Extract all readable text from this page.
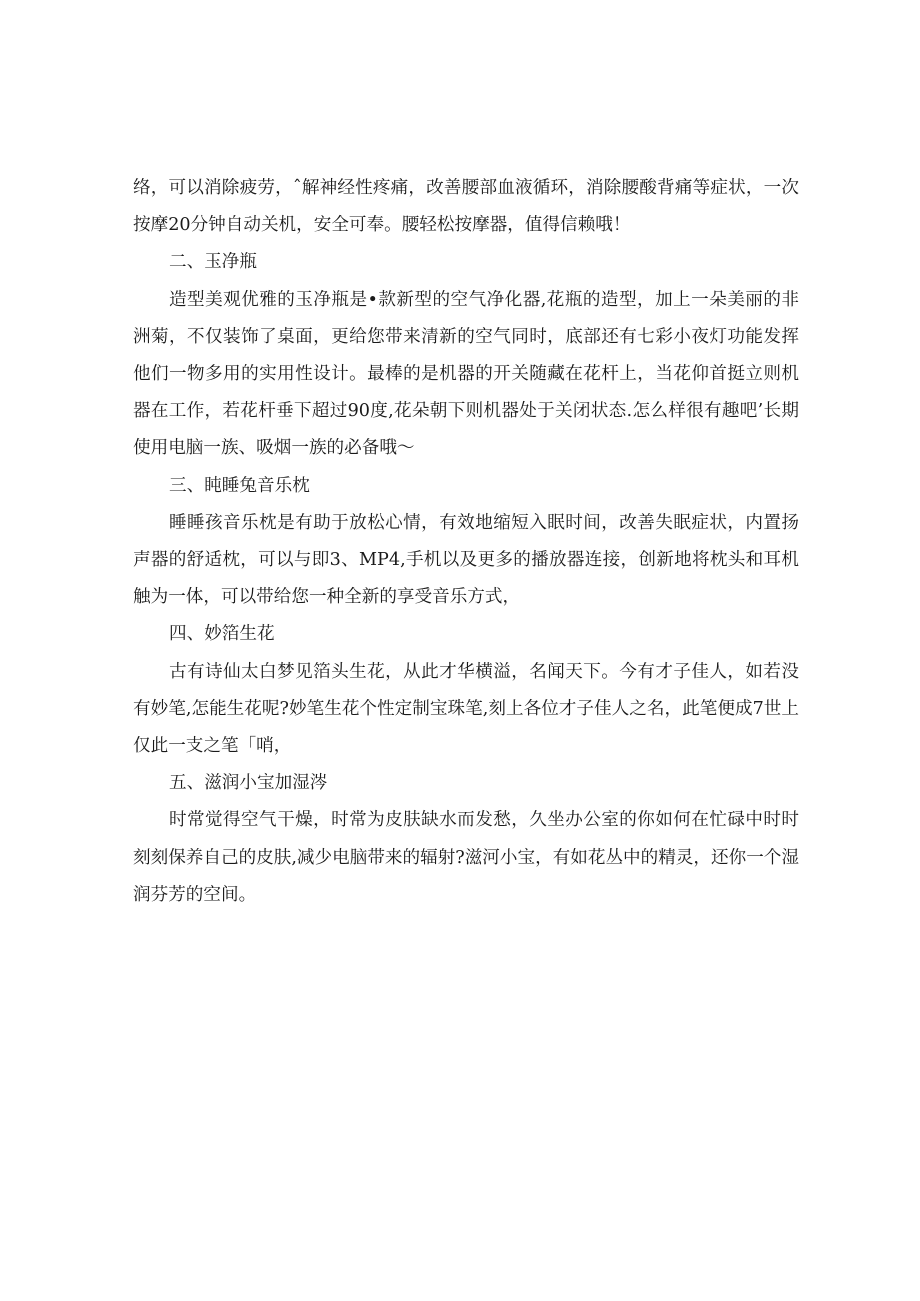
络，可以消除疲劳，ˆ解神经性疼痛，改善腰部血液循环，消除腰酸背痛等症状，一次按摩20分钟自动关机，安全可奉。腰轻松按摩器，值得信赖哦！

二、玉净瓶

造型美观优雅的玉净瓶是•款新型的空气净化器,花瓶的造型，加上一朵美丽的非洲菊，不仅装饰了桌面，更给您带来清新的空气同时，底部还有七彩小夜灯功能发挥他们一物多用的实用性设计。最棒的是机器的开关随藏在花杆上，当花仰首挺立则机器在工作，若花杆垂下超过90度,花朵朝下则机器处于关闭状态.怎么样很有趣吧’长期使用电脑一族、吸烟一族的必备哦～

三、盹睡兔音乐枕

睡睡孩音乐枕是有助于放松心情，有效地缩短入眠时间，改善失眠症状，内置扬声器的舒适枕，可以与即3、MP4,手机以及更多的播放器连接，创新地将枕头和耳机触为一体，可以带给您一种全新的享受音乐方式，

四、妙箔生花

古有诗仙太白梦见箔头生花，从此才华横溢，名闻天下。今有才子佳人，如若没有妙笔,怎能生花呢?妙笔生花个性定制宝珠笔,刻上各位才子佳人之名，此笔便成7世上仅此一支之笔「哨，

五、滋润小宝加湿涔

时常觉得空气干燥，时常为皮肤缺水而发愁，久坐办公室的你如何在忙碌中时时刻刻保养自己的皮肤,减少电脑带来的辐射?滋河小宝，有如花丛中的精灵，还你一个湿润芬芳的空间。
